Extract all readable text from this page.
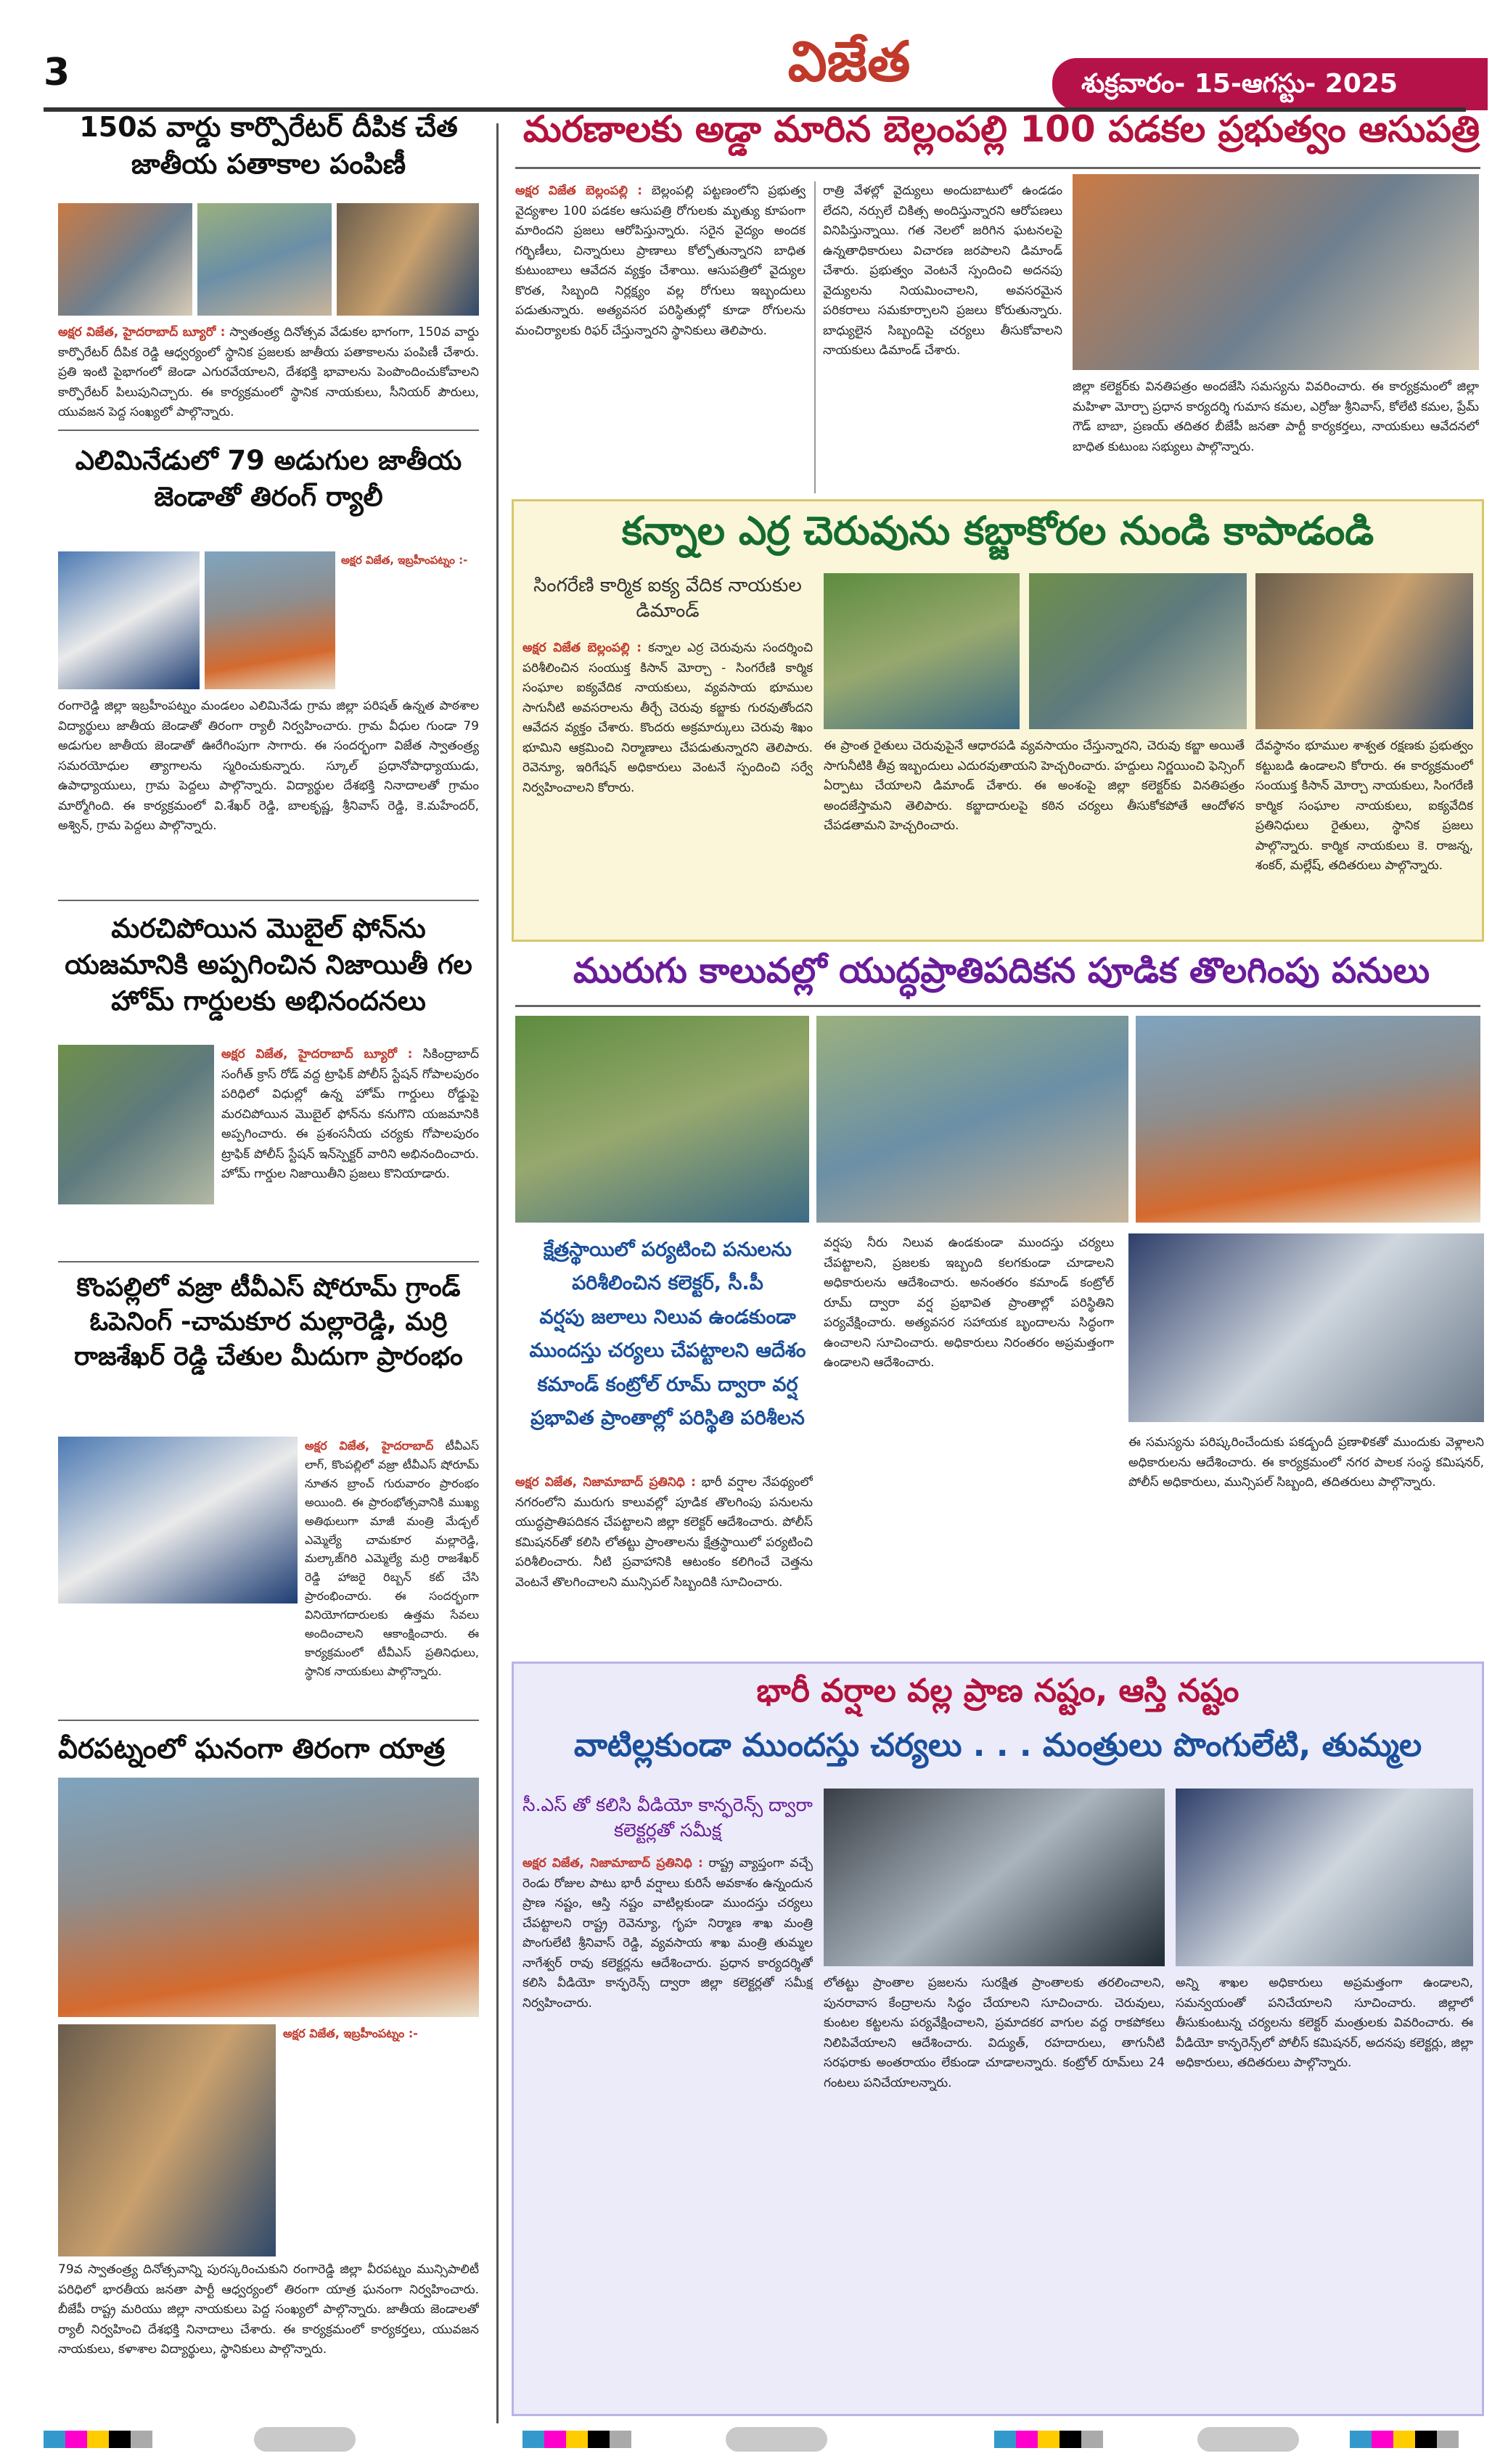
3	విజేత	శుక్రవారం- 15-ఆగస్టు- 2025
150వ వార్డు కార్పొరేటర్ దీపిక చేత జాతీయ పతాకాల పంపిణీ
అక్షర విజేత, హైదరాబాద్ బ్యూరో : స్వాతంత్ర్య దినోత్సవ వేడుకల భాగంగా, 150వ వార్డు కార్పొరేటర్ దీపిక రెడ్డి ఆధ్వర్యంలో స్థానిక ప్రజలకు జాతీయ పతాకాలను పంపిణీ చేశారు. ప్రతి ఇంటి పైభాగంలో జెండా ఎగురవేయాలని, దేశభక్తి భావాలను పెంపొందించుకోవాలని కార్పొరేటర్ పిలుపునిచ్చారు. ఈ కార్యక్రమంలో స్థానిక నాయకులు, సీనియర్ పౌరులు, యువజన పెద్ద సంఖ్యలో పాల్గొన్నారు.
ఎలిమినేడులో 79 అడుగుల జాతీయ జెండాతో తిరంగ్ ర్యాలీ
అక్షర విజేత, ఇబ్రహీంపట్నం :-
రంగారెడ్డి జిల్లా ఇబ్రహీంపట్నం మండలం ఎలిమినేడు గ్రామ జిల్లా పరిషత్ ఉన్నత పాఠశాల విద్యార్థులు జాతీయ జెండాతో తిరంగా ర్యాలీ నిర్వహించారు. గ్రామ వీధుల గుండా 79 అడుగుల జాతీయ జెండాతో ఊరేగింపుగా సాగారు. ఈ సందర్భంగా విజేత స్వాతంత్ర్య సమరయోధుల త్యాగాలను స్మరించుకున్నారు. స్కూల్ ప్రధానోపాధ్యాయుడు, ఉపాధ్యాయులు, గ్రామ పెద్దలు పాల్గొన్నారు. విద్యార్థుల దేశభక్తి నినాదాలతో గ్రామం మార్మోగింది. ఈ కార్యక్రమంలో వి.శేఖర్ రెడ్డి, బాలకృష్ణ, శ్రీనివాస్ రెడ్డి, కె.మహేందర్, అశ్విన్, గ్రామ పెద్దలు పాల్గొన్నారు.
మరచిపోయిన మొబైల్ ఫోన్‌ను యజమానికి అప్పగించిన నిజాయితీ గల హోమ్ గార్డులకు అభినందనలు
అక్షర విజేత, హైదరాబాద్ బ్యూరో : సికింద్రాబాద్ సంగీత్ క్రాస్ రోడ్ వద్ద ట్రాఫిక్ పోలీస్ స్టేషన్ గోపాలపురం పరిధిలో విధుల్లో ఉన్న హోమ్ గార్డులు రోడ్డుపై మరచిపోయిన మొబైల్ ఫోన్‌ను కనుగొని యజమానికి అప్పగించారు. ఈ ప్రశంసనీయ చర్యకు గోపాలపురం ట్రాఫిక్ పోలీస్ స్టేషన్ ఇన్‌స్పెక్టర్ వారిని అభినందించారు. హోమ్ గార్డుల నిజాయితీని ప్రజలు కొనియాడారు.
కొంపల్లిలో వజ్రా టీవీఎస్ షోరూమ్ గ్రాండ్ ఓపెనింగ్ -చామకూర మల్లారెడ్డి, మర్రి రాజశేఖర్ రెడ్డి చేతుల మీదుగా ప్రారంభం
అక్షర విజేత, హైదరాబాద్ టీవీఎస్ లాగ్, కొంపల్లిలో వజ్రా టీవీఎస్ షోరూమ్ నూతన బ్రాంచ్ గురువారం ప్రారంభం అయింది. ఈ ప్రారంభోత్సవానికి ముఖ్య అతిథులుగా మాజీ మంత్రి మేడ్చల్ ఎమ్మెల్యే చామకూర మల్లారెడ్డి, మల్కాజ్‌గిరి ఎమ్మెల్యే మర్రి రాజశేఖర్ రెడ్డి హాజరై రిబ్బన్ కట్ చేసి ప్రారంభించారు. ఈ సందర్భంగా వినియోగదారులకు ఉత్తమ సేవలు అందించాలని ఆకాంక్షించారు. ఈ కార్యక్రమంలో టీవీఎస్ ప్రతినిధులు, స్థానిక నాయకులు పాల్గొన్నారు.
వీరపట్నంలో ఘనంగా తిరంగా యాత్ర
అక్షర విజేత, ఇబ్రహీంపట్నం :-
79వ స్వాతంత్ర్య దినోత్సవాన్ని పురస్కరించుకుని రంగారెడ్డి జిల్లా వీరపట్నం మున్సిపాలిటీ పరిధిలో భారతీయ జనతా పార్టీ ఆధ్వర్యంలో తిరంగా యాత్ర ఘనంగా నిర్వహించారు. బీజేపీ రాష్ట్ర మరియు జిల్లా నాయకులు పెద్ద సంఖ్యలో పాల్గొన్నారు. జాతీయ జెండాలతో ర్యాలీ నిర్వహించి దేశభక్తి నినాదాలు చేశారు. ఈ కార్యక్రమంలో కార్యకర్తలు, యువజన నాయకులు, కళాశాల విద్యార్థులు, స్థానికులు పాల్గొన్నారు.
మరణాలకు అడ్డా మారిన బెల్లంపల్లి 100 పడకల ప్రభుత్వం ఆసుపత్రి
అక్షర విజేత బెల్లంపల్లి : బెల్లంపల్లి పట్టణంలోని ప్రభుత్వ వైద్యశాల 100 పడకల ఆసుపత్రి రోగులకు మృత్యు కూపంగా మారిందని ప్రజలు ఆరోపిస్తున్నారు. సరైన వైద్యం అందక గర్భిణీలు, చిన్నారులు ప్రాణాలు కోల్పోతున్నారని బాధిత కుటుంబాలు ఆవేదన వ్యక్తం చేశాయి. ఆసుపత్రిలో వైద్యుల కొరత, సిబ్బంది నిర్లక్ష్యం వల్ల రోగులు ఇబ్బందులు పడుతున్నారు. అత్యవసర పరిస్థితుల్లో కూడా రోగులను మంచిర్యాలకు రిఫర్ చేస్తున్నారని స్థానికులు తెలిపారు.
రాత్రి వేళల్లో వైద్యులు అందుబాటులో ఉండడం లేదని, నర్సులే చికిత్స అందిస్తున్నారని ఆరోపణలు వినిపిస్తున్నాయి. గత నెలలో జరిగిన ఘటనలపై ఉన్నతాధికారులు విచారణ జరపాలని డిమాండ్ చేశారు. ప్రభుత్వం వెంటనే స్పందించి అదనపు వైద్యులను నియమించాలని, అవసరమైన పరికరాలు సమకూర్చాలని ప్రజలు కోరుతున్నారు. బాధ్యులైన సిబ్బందిపై చర్యలు తీసుకోవాలని నాయకులు డిమాండ్ చేశారు.
జిల్లా కలెక్టర్‌కు వినతిపత్రం అందజేసి సమస్యను వివరించారు. ఈ కార్యక్రమంలో జిల్లా మహిళా మోర్చా ప్రధాన కార్యదర్శి గుమాస కమల, ఎర్రోజు శ్రీనివాస్, కోలేటి కమల, ప్రేమ్ గౌడ్ బాబా, ప్రణయ్ తదితర బీజేపీ జనతా పార్టీ కార్యకర్తలు, నాయకులు ఆవేదనలో బాధిత కుటుంబ సభ్యులు పాల్గొన్నారు.
కన్నాల ఎర్ర చెరువును కబ్జాకోరల నుండి కాపాడండి
సింగరేణి కార్మిక ఐక్య వేదిక నాయకుల డిమాండ్
అక్షర విజేత బెల్లంపల్లి : కన్నాల ఎర్ర చెరువును సందర్శించి పరిశీలించిన సంయుక్త కిసాన్ మోర్చా - సింగరేణి కార్మిక సంఘాల ఐక్యవేదిక నాయకులు, వ్యవసాయ భూముల సాగునీటి అవసరాలను తీర్చే చెరువు కబ్జాకు గురవుతోందని ఆవేదన వ్యక్తం చేశారు. కొందరు అక్రమార్కులు చెరువు శిఖం భూమిని ఆక్రమించి నిర్మాణాలు చేపడుతున్నారని తెలిపారు. రెవెన్యూ, ఇరిగేషన్ అధికారులు వెంటనే స్పందించి సర్వే నిర్వహించాలని కోరారు.
ఈ ప్రాంత రైతులు చెరువుపైనే ఆధారపడి వ్యవసాయం చేస్తున్నారని, చెరువు కబ్జా అయితే సాగునీటికి తీవ్ర ఇబ్బందులు ఎదురవుతాయని హెచ్చరించారు. హద్దులు నిర్ణయించి ఫెన్సింగ్ ఏర్పాటు చేయాలని డిమాండ్ చేశారు. ఈ అంశంపై జిల్లా కలెక్టర్‌కు వినతిపత్రం అందజేస్తామని తెలిపారు. కబ్జాదారులపై కఠిన చర్యలు తీసుకోకపోతే ఆందోళన చేపడతామని హెచ్చరించారు.
దేవస్థానం భూముల శాశ్వత రక్షణకు ప్రభుత్వం కట్టుబడి ఉండాలని కోరారు. ఈ కార్యక్రమంలో సంయుక్త కిసాన్ మోర్చా నాయకులు, సింగరేణి కార్మిక సంఘాల నాయకులు, ఐక్యవేదిక ప్రతినిధులు రైతులు, స్థానిక ప్రజలు పాల్గొన్నారు. కార్మిక నాయకులు కె. రాజన్న, శంకర్, మల్లేష్, తదితరులు పాల్గొన్నారు.
మురుగు కాలువల్లో యుద్ధప్రాతిపదికన పూడిక తొలగింపు పనులు
క్షేత్రస్థాయిలో పర్యటించి పనులను
పరిశీలించిన కలెక్టర్, సీ.పీ
వర్షపు జలాలు నిలువ ఉండకుండా
ముందస్తు చర్యలు చేపట్టాలని ఆదేశం
కమాండ్ కంట్రోల్ రూమ్ ద్వారా వర్ష
ప్రభావిత ప్రాంతాల్లో పరిస్థితి పరిశీలన
అక్షర విజేత, నిజామాబాద్ ప్రతినిధి : భారీ వర్షాల నేపథ్యంలో నగరంలోని మురుగు కాలువల్లో పూడిక తొలగింపు పనులను యుద్ధప్రాతిపదికన చేపట్టాలని జిల్లా కలెక్టర్ ఆదేశించారు. పోలీస్ కమిషనర్‌తో కలిసి లోతట్టు ప్రాంతాలను క్షేత్రస్థాయిలో పర్యటించి పరిశీలించారు. నీటి ప్రవాహానికి ఆటంకం కలిగించే చెత్తను వెంటనే తొలగించాలని మున్సిపల్ సిబ్బందికి సూచించారు.
వర్షపు నీరు నిలువ ఉండకుండా ముందస్తు చర్యలు చేపట్టాలని, ప్రజలకు ఇబ్బంది కలగకుండా చూడాలని అధికారులను ఆదేశించారు. అనంతరం కమాండ్ కంట్రోల్ రూమ్ ద్వారా వర్ష ప్రభావిత ప్రాంతాల్లో పరిస్థితిని పర్యవేక్షించారు. అత్యవసర సహాయక బృందాలను సిద్ధంగా ఉంచాలని సూచించారు. అధికారులు నిరంతరం అప్రమత్తంగా ఉండాలని ఆదేశించారు.
ఈ సమస్యను పరిష్కరించేందుకు పకడ్బందీ ప్రణాళికతో ముందుకు వెళ్లాలని అధికారులను ఆదేశించారు. ఈ కార్యక్రమంలో నగర పాలక సంస్థ కమిషనర్, పోలీస్ అధికారులు, మున్సిపల్ సిబ్బంది, తదితరులు పాల్గొన్నారు.
భారీ వర్షాల వల్ల ప్రాణ నష్టం, ఆస్తి నష్టం
వాటిల్లకుండా ముందస్తు చర్యలు . . . మంత్రులు పొంగులేటి, తుమ్మల
సీ.ఎస్ తో కలిసి వీడియో కాన్ఫరెన్స్ ద్వారా కలెక్టర్లతో సమీక్ష
అక్షర విజేత, నిజామాబాద్ ప్రతినిధి : రాష్ట్ర వ్యాప్తంగా వచ్చే రెండు రోజుల పాటు భారీ వర్షాలు కురిసే అవకాశం ఉన్నందున ప్రాణ నష్టం, ఆస్తి నష్టం వాటిల్లకుండా ముందస్తు చర్యలు చేపట్టాలని రాష్ట్ర రెవెన్యూ, గృహ నిర్మాణ శాఖ మంత్రి పొంగులేటి శ్రీనివాస్ రెడ్డి, వ్యవసాయ శాఖ మంత్రి తుమ్మల నాగేశ్వర్ రావు కలెక్టర్లను ఆదేశించారు. ప్రధాన కార్యదర్శితో కలిసి వీడియో కాన్ఫరెన్స్ ద్వారా జిల్లా కలెక్టర్లతో సమీక్ష నిర్వహించారు.
లోతట్టు ప్రాంతాల ప్రజలను సురక్షిత ప్రాంతాలకు తరలించాలని, పునరావాస కేంద్రాలను సిద్ధం చేయాలని సూచించారు. చెరువులు, కుంటల కట్టలను పర్యవేక్షించాలని, ప్రమాదకర వాగుల వద్ద రాకపోకలు నిలిపివేయాలని ఆదేశించారు. విద్యుత్, రహదారులు, తాగునీటి సరఫరాకు అంతరాయం లేకుండా చూడాలన్నారు. కంట్రోల్ రూమ్‌లు 24 గంటలు పనిచేయాలన్నారు.
అన్ని శాఖల అధికారులు అప్రమత్తంగా ఉండాలని, సమన్వయంతో పనిచేయాలని సూచించారు. జిల్లాలో తీసుకుంటున్న చర్యలను కలెక్టర్ మంత్రులకు వివరించారు. ఈ వీడియో కాన్ఫరెన్స్‌లో పోలీస్ కమిషనర్, అదనపు కలెక్టర్లు, జిల్లా అధికారులు, తదితరులు పాల్గొన్నారు.
